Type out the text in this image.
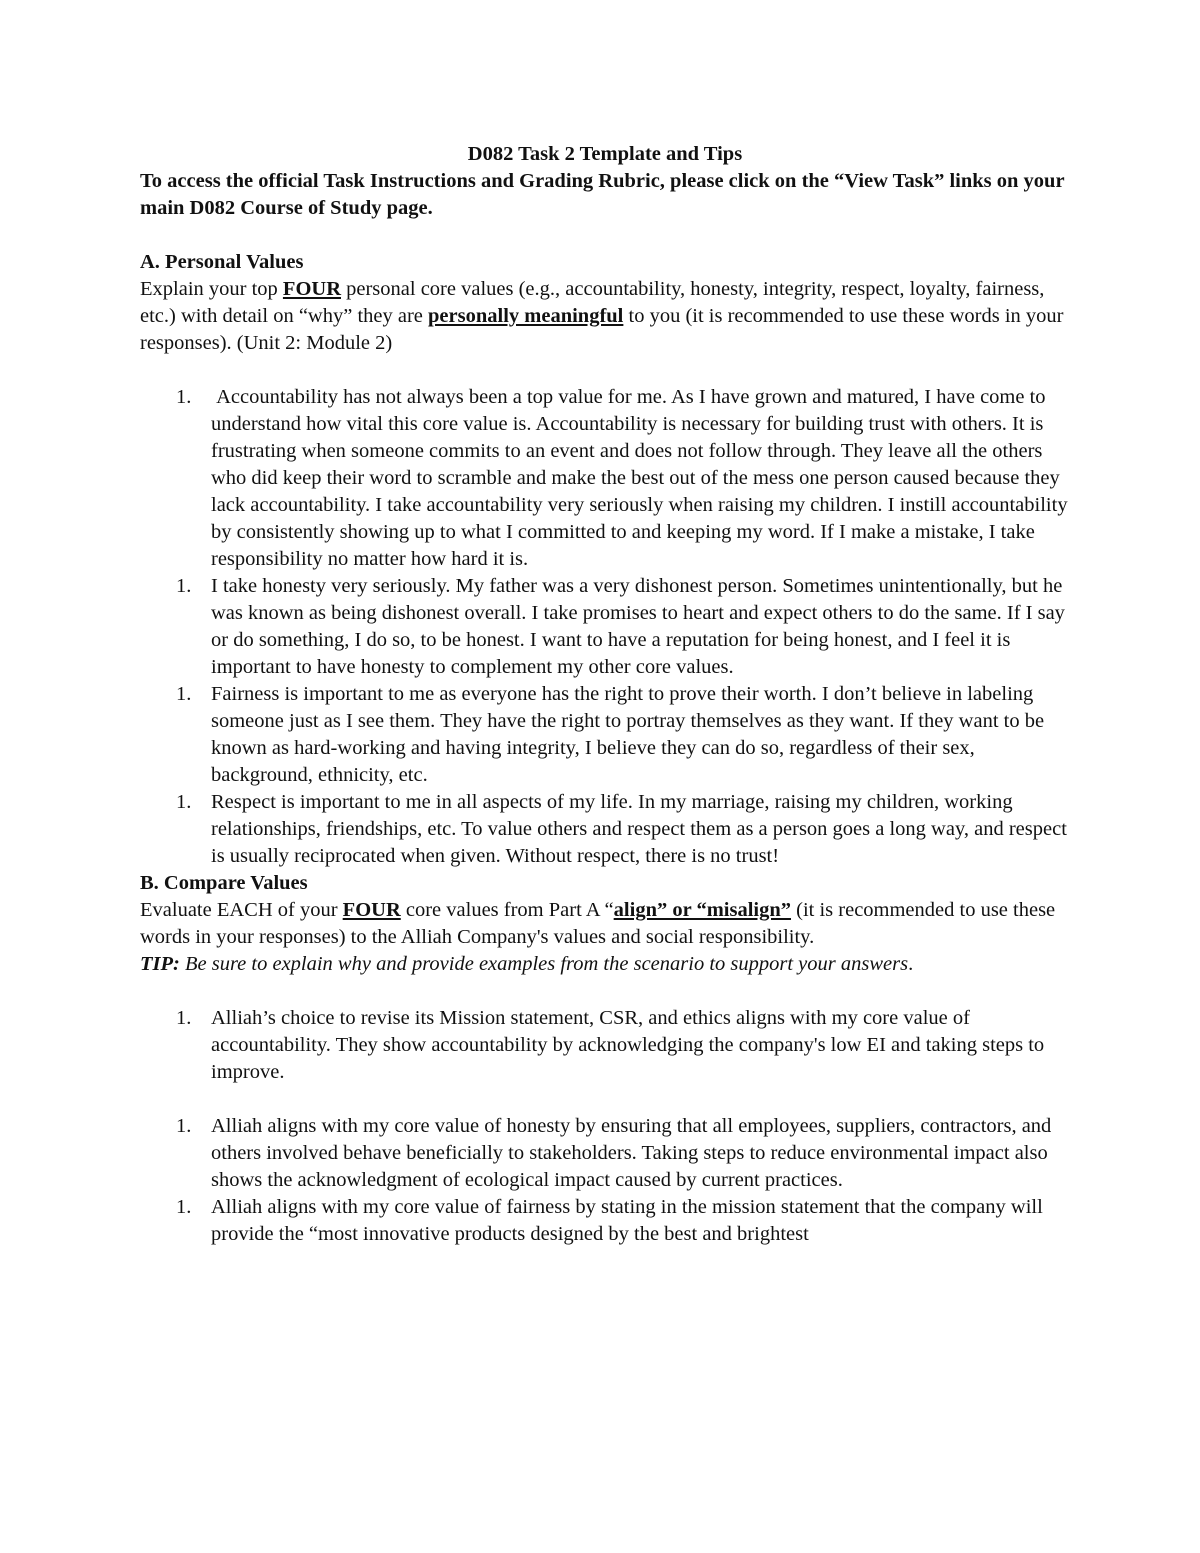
D082 Task 2 Template and Tips

To access the official Task Instructions and Grading Rubric, please click on the “View Task” links on your main D082 Course of Study page.

A. Personal Values

Explain your top FOUR personal core values (e.g., accountability, honesty, integrity, respect, loyalty, fairness, etc.) with detail on “why” they are personally meaningful to you (it is recommended to use these words in your responses). (Unit 2: Module 2)

1. Accountability has not always been a top value for me. As I have grown and matured, I have come to understand how vital this core value is. Accountability is necessary for building trust with others. It is frustrating when someone commits to an event and does not follow through. They leave all the others who did keep their word to scramble and make the best out of the mess one person caused because they lack accountability. I take accountability very seriously when raising my children. I instill accountability by consistently showing up to what I committed to and keeping my word. If I make a mistake, I take responsibility no matter how hard it is.
1. I take honesty very seriously. My father was a very dishonest person. Sometimes unintentionally, but he was known as being dishonest overall. I take promises to heart and expect others to do the same. If I say or do something, I do so, to be honest. I want to have a reputation for being honest, and I feel it is important to have honesty to complement my other core values.
1. Fairness is important to me as everyone has the right to prove their worth. I don’t believe in labeling someone just as I see them. They have the right to portray themselves as they want. If they want to be known as hard-working and having integrity, I believe they can do so, regardless of their sex, background, ethnicity, etc.
1. Respect is important to me in all aspects of my life. In my marriage, raising my children, working relationships, friendships, etc. To value others and respect them as a person goes a long way, and respect is usually reciprocated when given. Without respect, there is no trust!

B. Compare Values

Evaluate EACH of your FOUR core values from Part A “align” or “misalign” (it is recommended to use these words in your responses) to the Alliah Company's values and social responsibility.

TIP: Be sure to explain why and provide examples from the scenario to support your answers.

1. Alliah’s choice to revise its Mission statement, CSR, and ethics aligns with my core value of accountability. They show accountability by acknowledging the company's low EI and taking steps to improve.
1. Alliah aligns with my core value of honesty by ensuring that all employees, suppliers, contractors, and others involved behave beneficially to stakeholders. Taking steps to reduce environmental impact also shows the acknowledgment of ecological impact caused by current practices.
1. Alliah aligns with my core value of fairness by stating in the mission statement that the company will provide the “most innovative products designed by the best and brightest
